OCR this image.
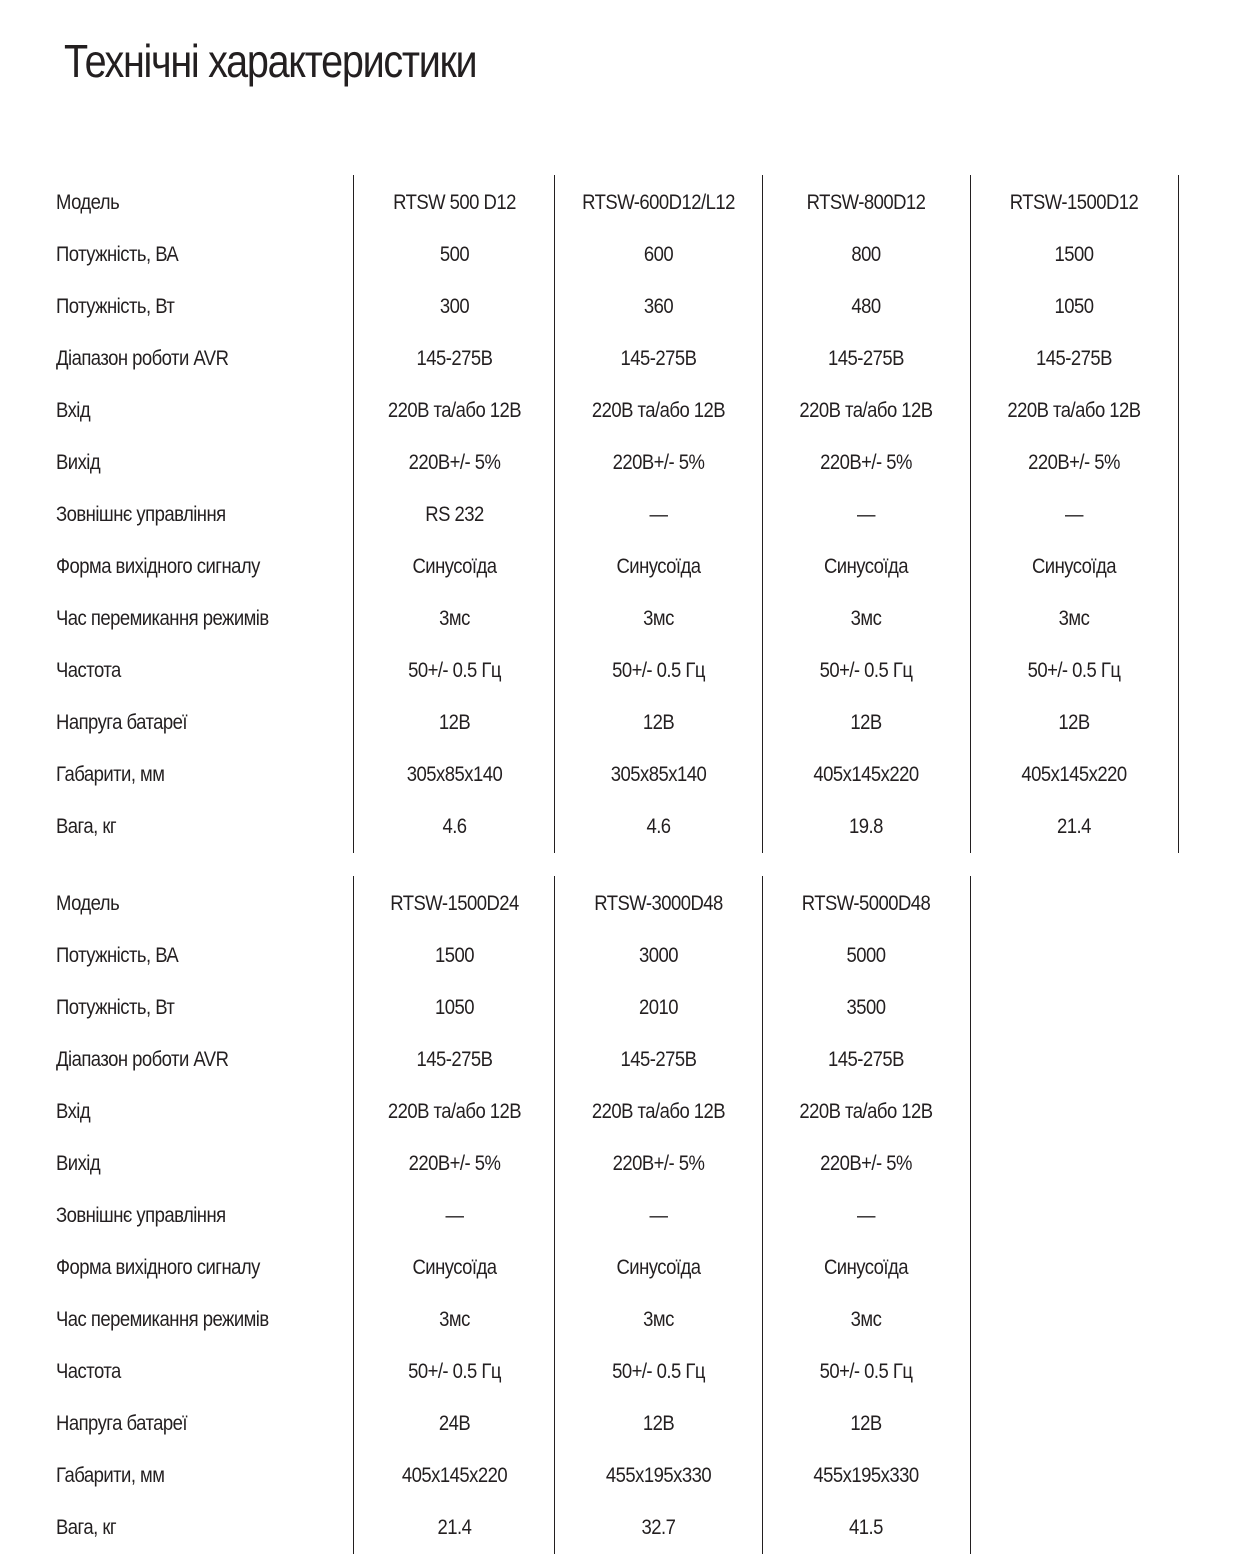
Технічні характеристики
Модель	RTSW 500 D12	RTSW-600D12/L12	RTSW-800D12	RTSW-1500D12
Потужність, ВА	500	600	800	1500
Потужність, Вт	300	360	480	1050
Діапазон роботи AVR	145-275В	145-275В	145-275В	145-275В
Вхід	220В та/або 12В	220В та/або 12В	220В та/або 12В	220В та/або 12В
Вихід	220В+/- 5%	220В+/- 5%	220В+/- 5%	220В+/- 5%
Зовнішнє управління	RS 232	—	—	—
Форма вихідного сигналу	Синусоїда	Синусоїда	Синусоїда	Синусоїда
Час перемикання режимів	3мс	3мс	3мс	3мс
Частота	50+/- 0.5 Гц	50+/- 0.5 Гц	50+/- 0.5 Гц	50+/- 0.5 Гц
Напруга батареї	12В	12В	12В	12В
Габарити, мм	305x85x140	305x85x140	405x145x220	405x145x220
Вага, кг	4.6	4.6	19.8	21.4
Модель	RTSW-1500D24	RTSW-3000D48	RTSW-5000D48
Потужність, ВА	1500	3000	5000
Потужність, Вт	1050	2010	3500
Діапазон роботи AVR	145-275В	145-275В	145-275В
Вхід	220В та/або 12В	220В та/або 12В	220В та/або 12В
Вихід	220В+/- 5%	220В+/- 5%	220В+/- 5%
Зовнішнє управління	—	—	—
Форма вихідного сигналу	Синусоїда	Синусоїда	Синусоїда
Час перемикання режимів	3мс	3мс	3мс
Частота	50+/- 0.5 Гц	50+/- 0.5 Гц	50+/- 0.5 Гц
Напруга батареї	24В	12В	12В
Габарити, мм	405x145x220	455x195x330	455x195x330
Вага, кг	21.4	32.7	41.5
